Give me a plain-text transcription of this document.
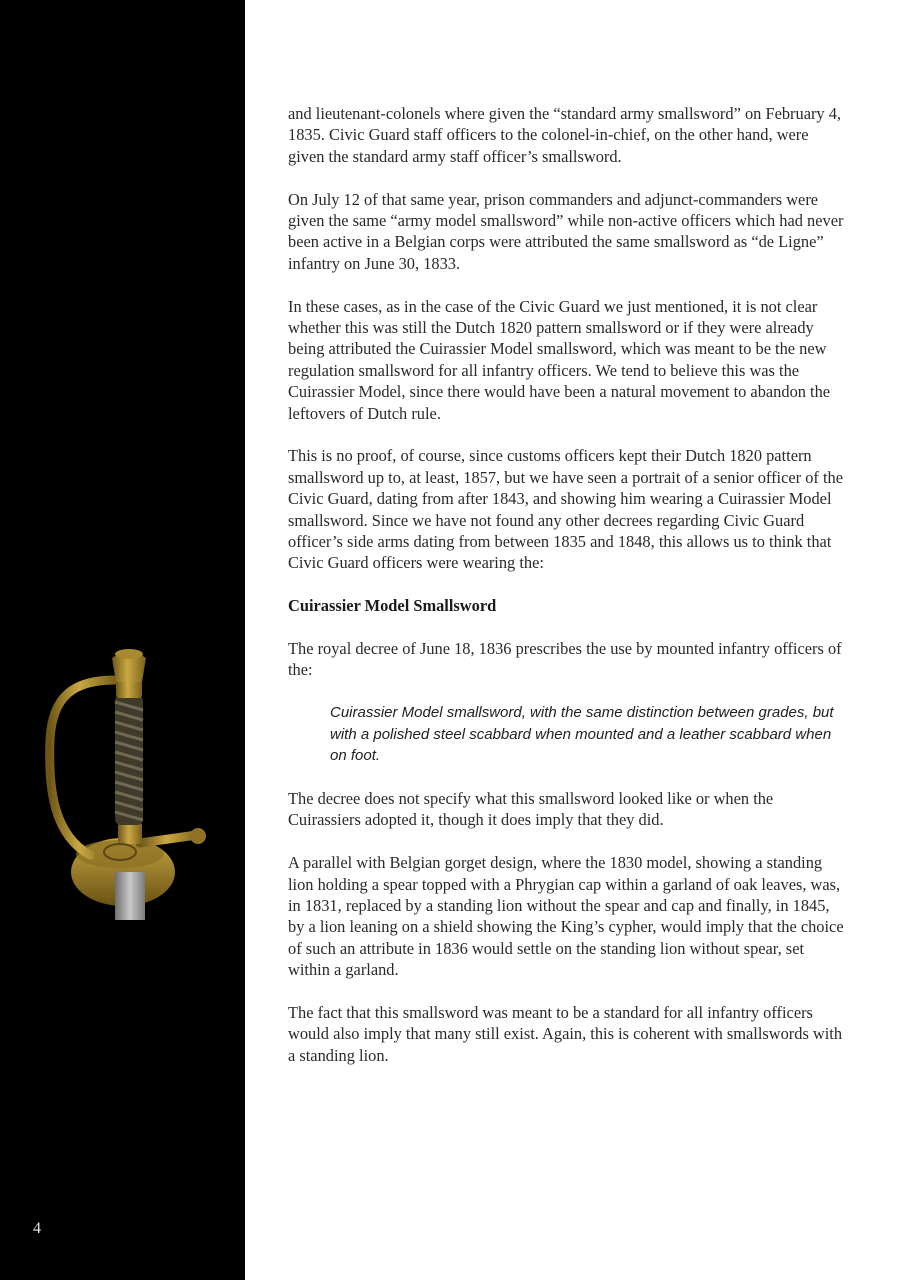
4

and lieutenant-colonels where given the “standard army smallsword” on February 4, 1835. Civic Guard staff officers to the colonel-in-chief, on the other hand, were given the standard army staff officer’s smallsword.

On July 12 of that same year, prison commanders and adjunct-commanders were given the same “army model smallsword” while non-active officers which had never been active in a Belgian corps were attributed the same smallsword as “de Ligne” infantry on June 30, 1833.

In these cases, as in the case of the Civic Guard we just mentioned, it is not clear whether this was still the Dutch 1820 pattern smallsword or if they were already being attributed the Cuirassier Model smallsword, which was meant to be the new regulation smallsword for all infantry officers. We tend to believe this was the Cuirassier Model, since there would have been a natural movement to abandon the leftovers of Dutch rule.

This is no proof, of course, since customs officers kept their Dutch 1820 pattern smallsword up to, at least, 1857, but we have seen a portrait of a senior officer of the Civic Guard, dating from after 1843, and showing him wearing a Cuirassier Model smallsword. Since we have not found any other decrees regarding Civic Guard officer’s side arms dating from between 1835 and 1848, this allows us to think that Civic Guard officers were wearing the:

Cuirassier Model Smallsword

The royal decree of June 18, 1836 prescribes the use by mounted infantry officers of the:

Cuirassier Model smallsword, with the same distinction between grades, but with a polished steel scabbard when mounted and a leather scabbard when on foot.

The decree does not specify what this smallsword looked like or when the Cuirassiers adopted it, though it does imply that they did.

A parallel with Belgian gorget design, where the 1830 model, showing a standing lion holding a spear topped with a Phrygian cap within a garland of oak leaves, was, in 1831, replaced by a standing lion without the spear and cap and finally, in 1845, by a lion leaning on a shield showing the King’s cypher, would imply that the choice of such an attribute in 1836 would settle on the standing lion without spear, set within a garland.

The fact that this smallsword was meant to be a standard for all infantry officers would also imply that many still exist. Again, this is coherent with smallswords with a standing lion.
